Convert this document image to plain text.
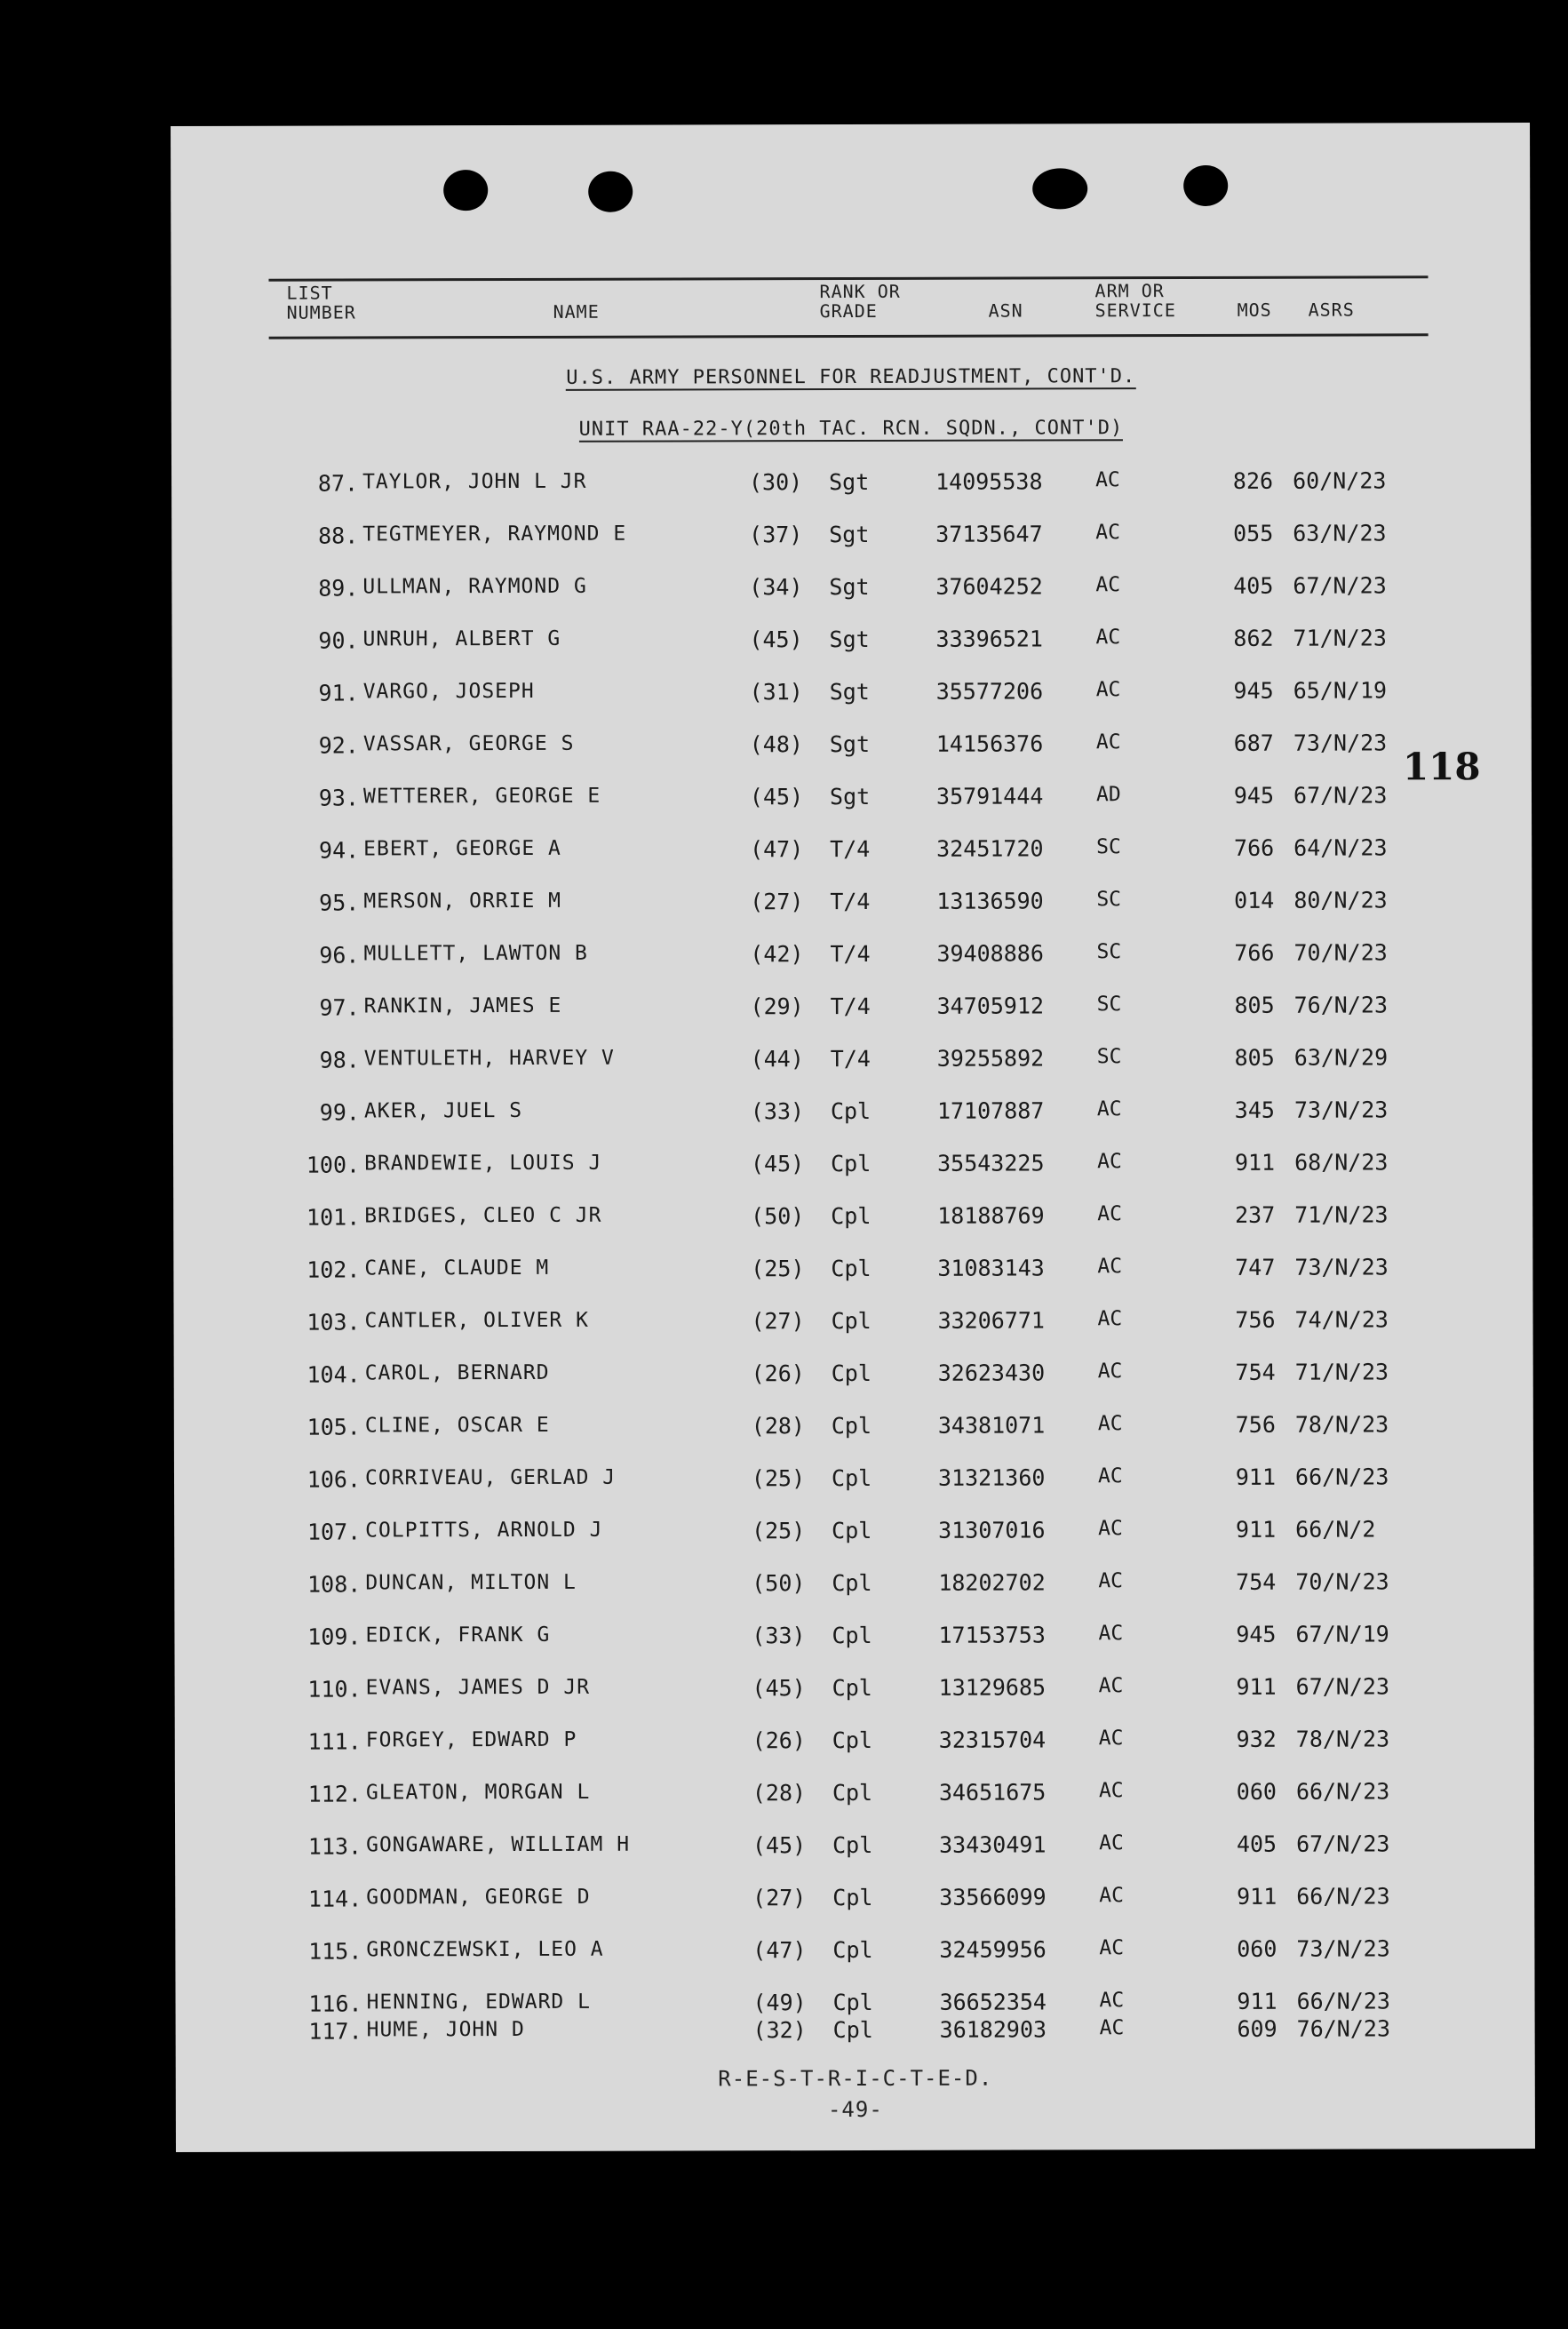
LIST
NUMBER	NAME
RANK OR
GRADE	ASN
ARM OR
SERVICE	MOS ASRS
U.S. ARMY PERSONNEL FOR READJUSTMENT, CONT'D.
UNIT RAA-22-Y(20th TAC. RCN. SQDN., CONT'D)
87. TAYLOR, JOHN L JR	(30)	Sgt	14095538	AC	826 60/N/23
88. TEGTMEYER, RAYMOND E	(37)	Sgt	37135647	AC	055 63/N/23
89. ULLMAN, RAYMOND G	(34)	Sgt	37604252	AC	405 67/N/23
90. UNRUH, ALBERT G	(45)	Sgt	33396521	AC	862 71/N/23
91. VARGO, JOSEPH	(31)	Sgt	35577206	AC	945 65/N/19
92. VASSAR, GEORGE S	(48)	Sgt	14156376	AC	687 73/N/23
93. WETTERER, GEORGE E	(45)	Sgt	35791444	AD	945 67/N/23
94. EBERT, GEORGE A	(47)	T/4	32451720	SC	766 64/N/23
95. MERSON, ORRIE M	(27)	T/4	13136590	SC	014 80/N/23
96. MULLETT, LAWTON B	(42)	T/4	39408886	SC	766 70/N/23
97. RANKIN, JAMES E	(29)	T/4	34705912	SC	805 76/N/23
98. VENTULETH, HARVEY V	(44)	T/4	39255892	SC	805 63/N/29
99. AKER, JUEL S	(33)	Cpl	17107887	AC	345 73/N/23
100. BRANDEWIE, LOUIS J	(45)	Cpl	35543225	AC	911 68/N/23
101. BRIDGES, CLEO C JR	(50)	Cpl	18188769	AC	237 71/N/23
102. CANE, CLAUDE M	(25)	Cpl	31083143	AC	747 73/N/23
103. CANTLER, OLIVER K	(27)	Cpl	33206771	AC	756 74/N/23
104. CAROL, BERNARD	(26)	Cpl	32623430	AC	754 71/N/23
105. CLINE, OSCAR E	(28)	Cpl	34381071	AC	756 78/N/23
106. CORRIVEAU, GERLAD J	(25)	Cpl	31321360	AC	911 66/N/23
107. COLPITTS, ARNOLD J	(25)	Cpl	31307016	AC	911 66/N/2
108. DUNCAN, MILTON L	(50)	Cpl	18202702	AC	754 70/N/23
109. EDICK, FRANK G	(33)	Cpl	17153753	AC	945 67/N/19
110. EVANS, JAMES D JR	(45)	Cpl	13129685	AC	911 67/N/23
111. FORGEY, EDWARD P	(26)	Cpl	32315704	AC	932 78/N/23
112. GLEATON, MORGAN L	(28)	Cpl	34651675	AC	060 66/N/23
113. GONGAWARE, WILLIAM H	(45)	Cpl	33430491	AC	405 67/N/23
114. GOODMAN, GEORGE D	(27)	Cpl	33566099	AC	911 66/N/23
115. GRONCZEWSKI, LEO A	(47)	Cpl	32459956	AC	060 73/N/23
116. HENNING, EDWARD L	(49)	Cpl	36652354	AC	911 66/N/23
117. HUME, JOHN D	(32)	Cpl	36182903	AC	609 76/N/23
118
R-E-S-T-R-I-C-T-E-D.
-49-
